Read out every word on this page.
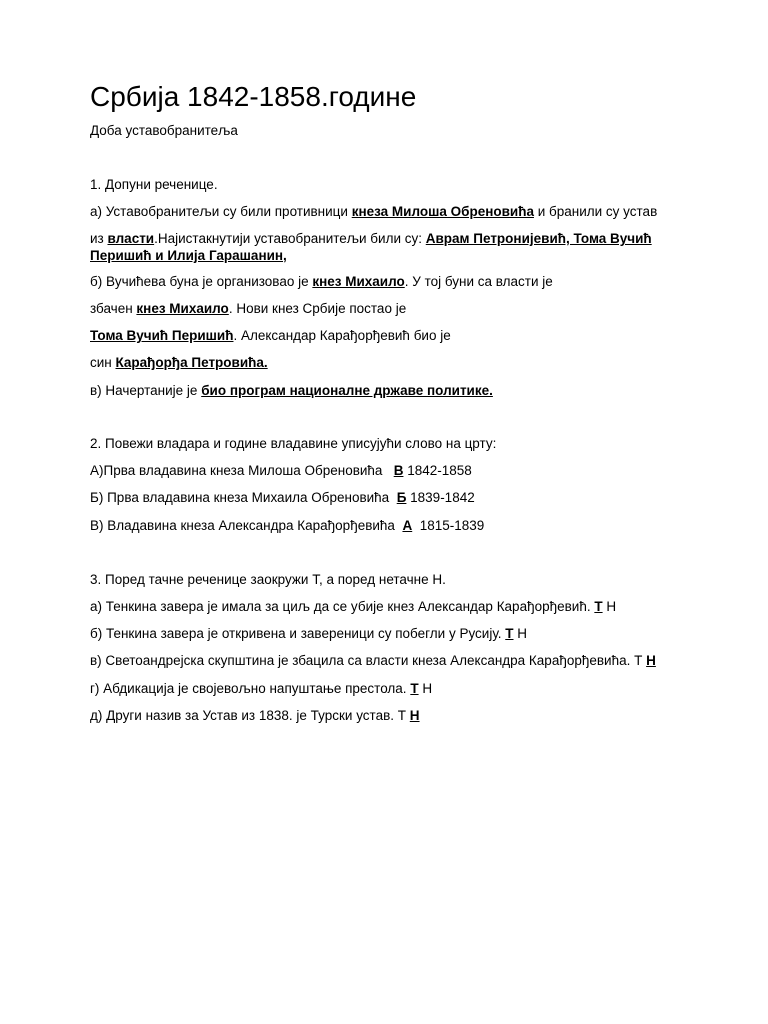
Србија 1842-1858.године
Доба уставобранитеља
1. Допуни реченице.
а) Уставобранитељи су били противници кнеза Милоша Обреновића и бранили су устав
из власти.Најистакнутији уставобранитељи били су: Аврам Петронијевић, Тома Вучић
Перишић и Илија Гарашанин,
б) Вучићева буна је организовао је кнез Михаило. У тој буни са власти је
збачен кнез Михаило. Нови кнез Србије постао је
Тома Вучић Перишић. Александар Карађорђевић био је
син Карађорђа Петровића.
в) Начертаније је био програм националне државе политике.
2. Повежи владара и године владавине уписујући слово на црту:
А)Прва владавина кнеза Милоша Обреновића   В 1842-1858
Б) Прва владавина кнеза Михаила Обреновића  Б 1839-1842
В) Владавина кнеза Александра Карађорђевића  А  1815-1839
3. Поред тачне реченице заокружи Т, а поред нетачне Н.
а) Тенкина завера је имала за циљ да се убије кнез Александар Карађорђевић. Т Н
б) Тенкина завера је откривена и завереници су побегли у Русију. Т Н
в) Светоандрејска скупштина је збацила са власти кнеза Александра Карађорђевића. Т Н
г) Абдикација је својевољно напуштање престола. Т Н
д) Други назив за Устав из 1838. је Турски устав. Т Н
